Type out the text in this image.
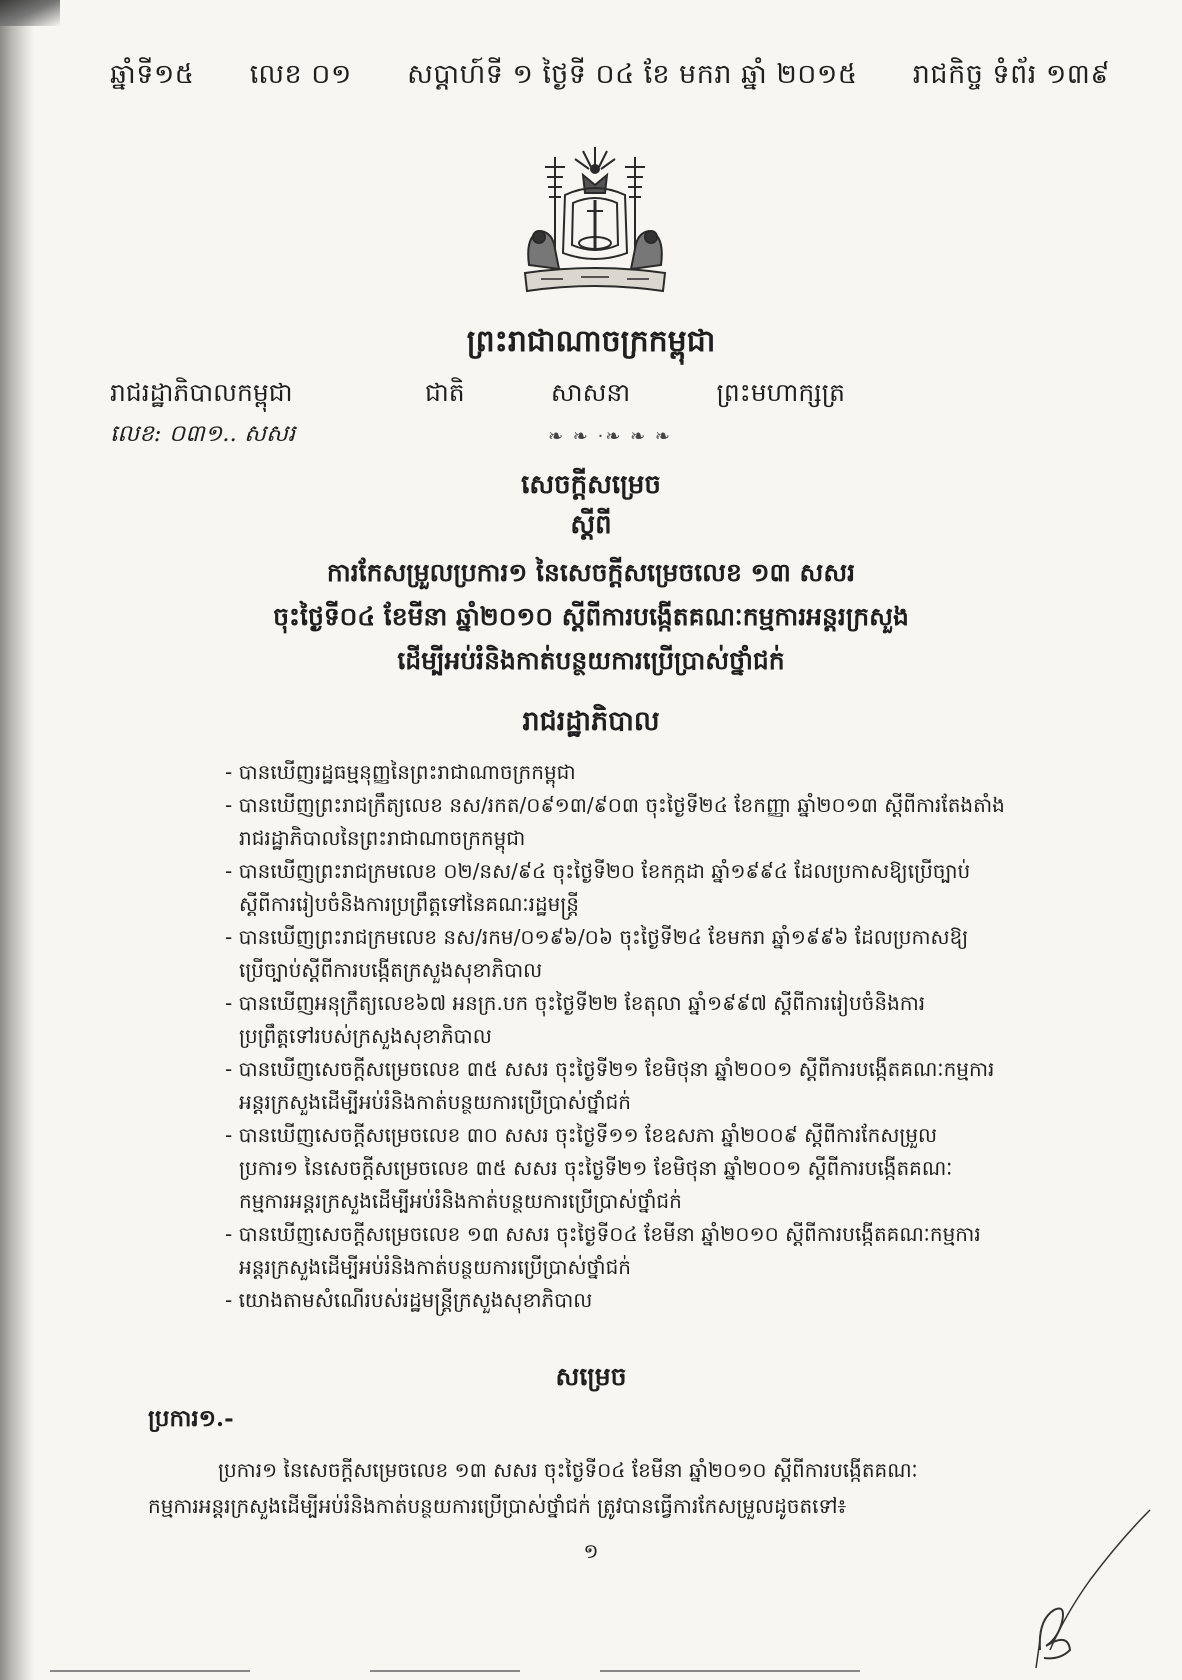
ឆ្នាំទី១៥ លេខ ០១ សប្តាហ៍ទី ១ ថ្ងៃទី ០៤ ខែ មករា ឆ្នាំ ២០១៥ រាជកិច្ច ទំព័រ ១៣៩
ព្រះរាជាណាចក្រកម្ពុជា
រាជរដ្ឋាភិបាលកម្ពុជា
លេខ: ០៣១.. សសរ
ជាតិ	សាសនា	ព្រះមហាក្សត្រ
❧ ❧ ·❧ ❧ ❧
សេចក្តីសម្រេច
ស្តីពី
ការកែសម្រួលប្រការ១ នៃសេចក្តីសម្រេចលេខ ១៣ សសរ
ចុះថ្ងៃទី០៤ ខែមីនា ឆ្នាំ២០១០ ស្តីពីការបង្កើតគណៈកម្មការអន្តរក្រសួង
ដើម្បីអប់រំនិងកាត់បន្ថយការប្រើប្រាស់ថ្នាំជក់
រាជរដ្ឋាភិបាល
- បានឃើញរដ្ឋធម្មនុញ្ញនៃព្រះរាជាណាចក្រកម្ពុជា
- បានឃើញព្រះរាជក្រឹត្យលេខ នស/រកត/០៩១៣/៩០៣ ចុះថ្ងៃទី២៤ ខែកញ្ញា ឆ្នាំ២០១៣ ស្តីពីការតែងតាំង
រាជរដ្ឋាភិបាលនៃព្រះរាជាណាចក្រកម្ពុជា
- បានឃើញព្រះរាជក្រមលេខ ០២/នស/៩៤ ចុះថ្ងៃទី២០ ខែកក្កដា ឆ្នាំ១៩៩៤ ដែលប្រកាសឱ្យប្រើច្បាប់
ស្តីពីការរៀបចំនិងការប្រព្រឹត្តទៅនៃគណៈរដ្ឋមន្ត្រី
- បានឃើញព្រះរាជក្រមលេខ នស/រកម/០១៩៦/០៦ ចុះថ្ងៃទី២៤ ខែមករា ឆ្នាំ១៩៩៦ ដែលប្រកាសឱ្យ
ប្រើច្បាប់ស្តីពីការបង្កើតក្រសួងសុខាភិបាល
- បានឃើញអនុក្រឹត្យលេខ៦៧ អនក្រ.បក ចុះថ្ងៃទី២២ ខែតុលា ឆ្នាំ១៩៩៧ ស្តីពីការរៀបចំនិងការ
ប្រព្រឹត្តទៅរបស់ក្រសួងសុខាភិបាល
- បានឃើញសេចក្តីសម្រេចលេខ ៣៥ សសរ ចុះថ្ងៃទី២១ ខែមិថុនា ឆ្នាំ២០០១ ស្តីពីការបង្កើតគណៈកម្មការ
អន្តរក្រសួងដើម្បីអប់រំនិងកាត់បន្ថយការប្រើប្រាស់ថ្នាំជក់
- បានឃើញសេចក្តីសម្រេចលេខ ៣០ សសរ ចុះថ្ងៃទី១១ ខែឧសភា ឆ្នាំ២០០៩ ស្តីពីការកែសម្រួល
ប្រការ១ នៃសេចក្តីសម្រេចលេខ ៣៥ សសរ ចុះថ្ងៃទី២១ ខែមិថុនា ឆ្នាំ២០០១ ស្តីពីការបង្កើតគណៈ
កម្មការអន្តរក្រសួងដើម្បីអប់រំនិងកាត់បន្ថយការប្រើប្រាស់ថ្នាំជក់
- បានឃើញសេចក្តីសម្រេចលេខ ១៣ សសរ ចុះថ្ងៃទី០៤ ខែមីនា ឆ្នាំ២០១០ ស្តីពីការបង្កើតគណៈកម្មការ
អន្តរក្រសួងដើម្បីអប់រំនិងកាត់បន្ថយការប្រើប្រាស់ថ្នាំជក់
- យោងតាមសំណើរបស់រដ្ឋមន្ត្រីក្រសួងសុខាភិបាល
សម្រេច
ប្រការ១.-
ប្រការ១ នៃសេចក្តីសម្រេចលេខ ១៣ សសរ ចុះថ្ងៃទី០៤ ខែមីនា ឆ្នាំ២០១០ ស្តីពីការបង្កើតគណៈ
កម្មការអន្តរក្រសួងដើម្បីអប់រំនិងកាត់បន្ថយការប្រើប្រាស់ថ្នាំជក់ ត្រូវបានធ្វើការកែសម្រួលដូចតទៅ៖
១
